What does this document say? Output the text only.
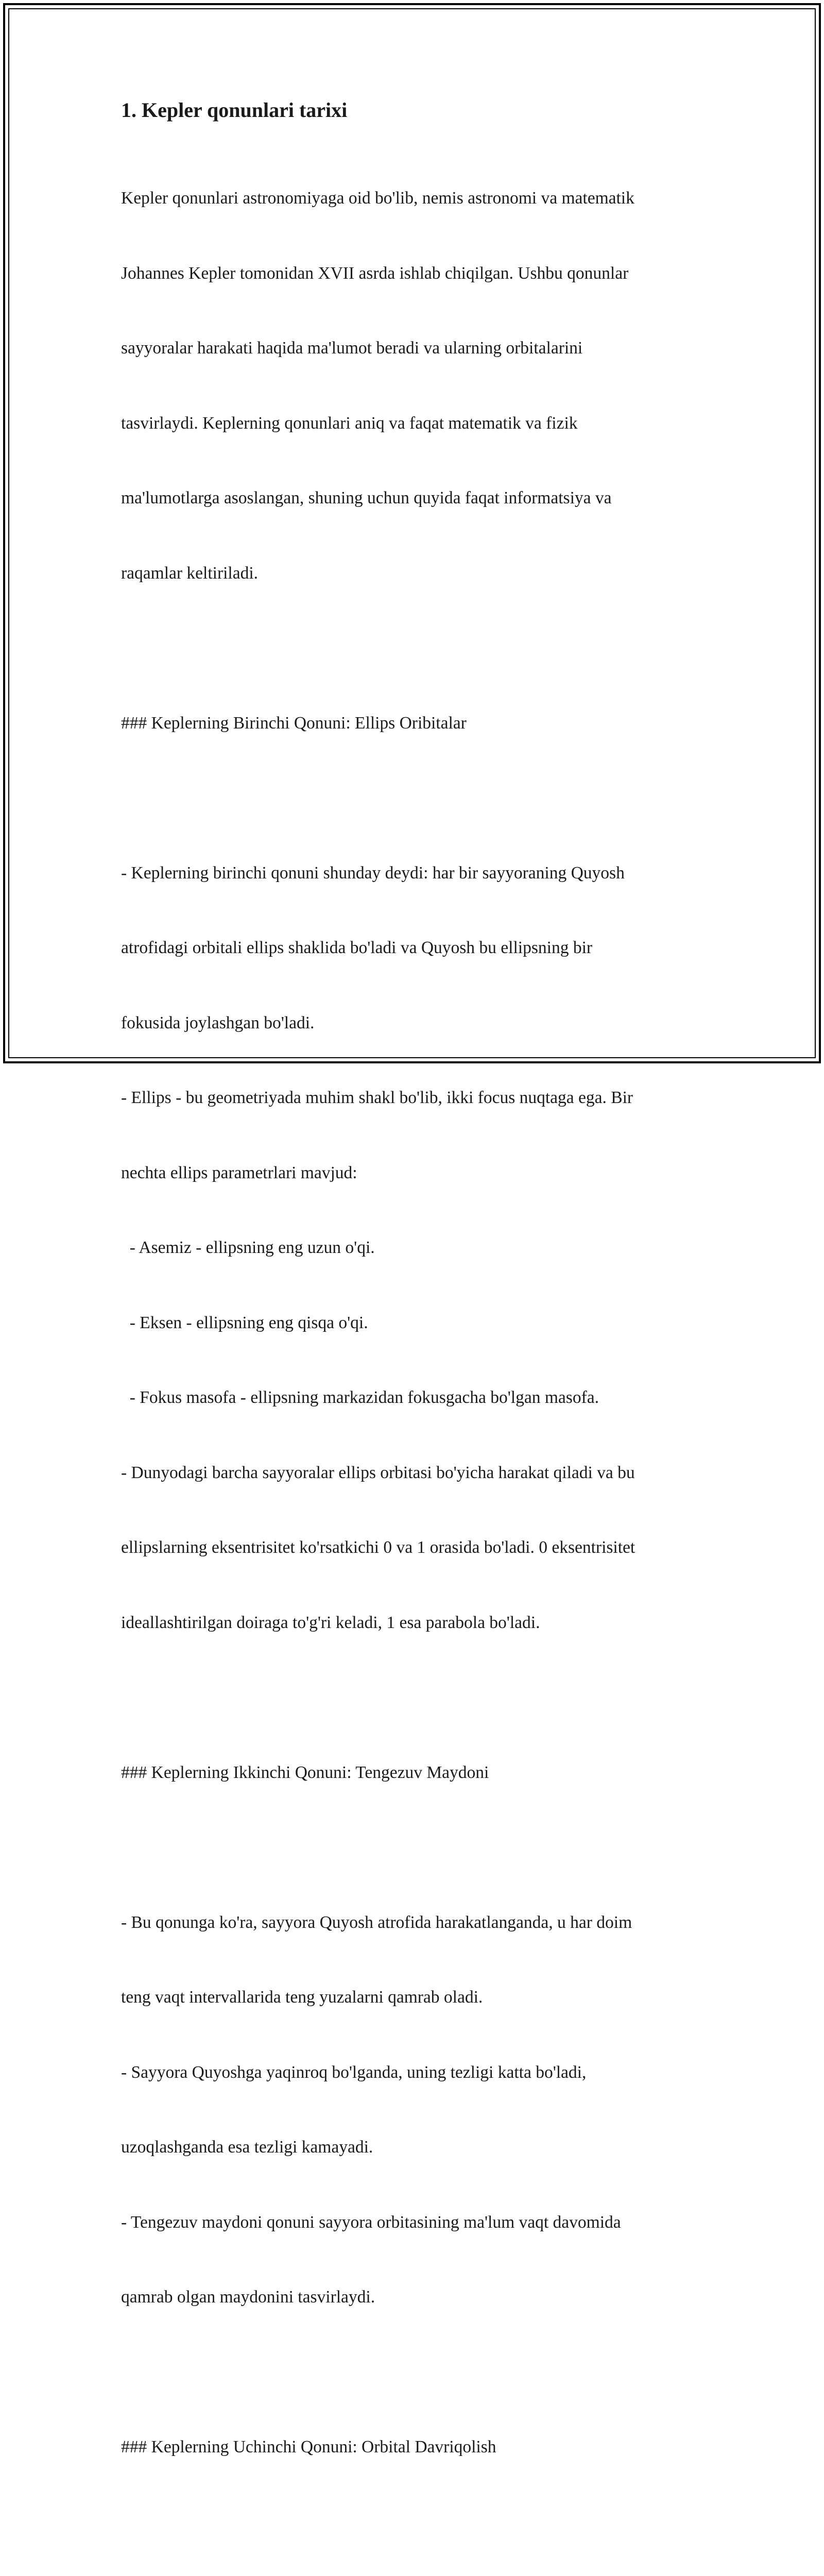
1. Kepler qonunlari tarixi

Kepler qonunlari astronomiyaga oid bo'lib, nemis astronomi va matematik

Johannes Kepler tomonidan XVII asrda ishlab chiqilgan. Ushbu qonunlar

sayyoralar harakati haqida ma'lumot beradi va ularning orbitalarini

tasvirlaydi. Keplerning qonunlari aniq va faqat matematik va fizik

ma'lumotlarga asoslangan, shuning uchun quyida faqat informatsiya va

raqamlar keltiriladi.

### Keplerning Birinchi Qonuni: Ellips Oribitalar

- Keplerning birinchi qonuni shunday deydi: har bir sayyoraning Quyosh

atrofidagi orbitali ellips shaklida bo'ladi va Quyosh bu ellipsning bir

fokusida joylashgan bo'ladi.

- Ellips - bu geometriyada muhim shakl bo'lib, ikki focus nuqtaga ega. Bir

nechta ellips parametrlari mavjud:

- Asemiz - ellipsning eng uzun o'qi.

- Eksen - ellipsning eng qisqa o'qi.

- Fokus masofa - ellipsning markazidan fokusgacha bo'lgan masofa.

- Dunyodagi barcha sayyoralar ellips orbitasi bo'yicha harakat qiladi va bu

ellipslarning eksentrisitet ko'rsatkichi 0 va 1 orasida bo'ladi. 0 eksentrisitet

ideallashtirilgan doiraga to'g'ri keladi, 1 esa parabola bo'ladi.

### Keplerning Ikkinchi Qonuni: Tengezuv Maydoni

- Bu qonunga ko'ra, sayyora Quyosh atrofida harakatlanganda, u har doim

teng vaqt intervallarida teng yuzalarni qamrab oladi.

- Sayyora Quyoshga yaqinroq bo'lganda, uning tezligi katta bo'ladi,

uzoqlashganda esa tezligi kamayadi.

- Tengezuv maydoni qonuni sayyora orbitasining ma'lum vaqt davomida

qamrab olgan maydonini tasvirlaydi.

### Keplerning Uchinchi Qonuni: Orbital Davriqolish
